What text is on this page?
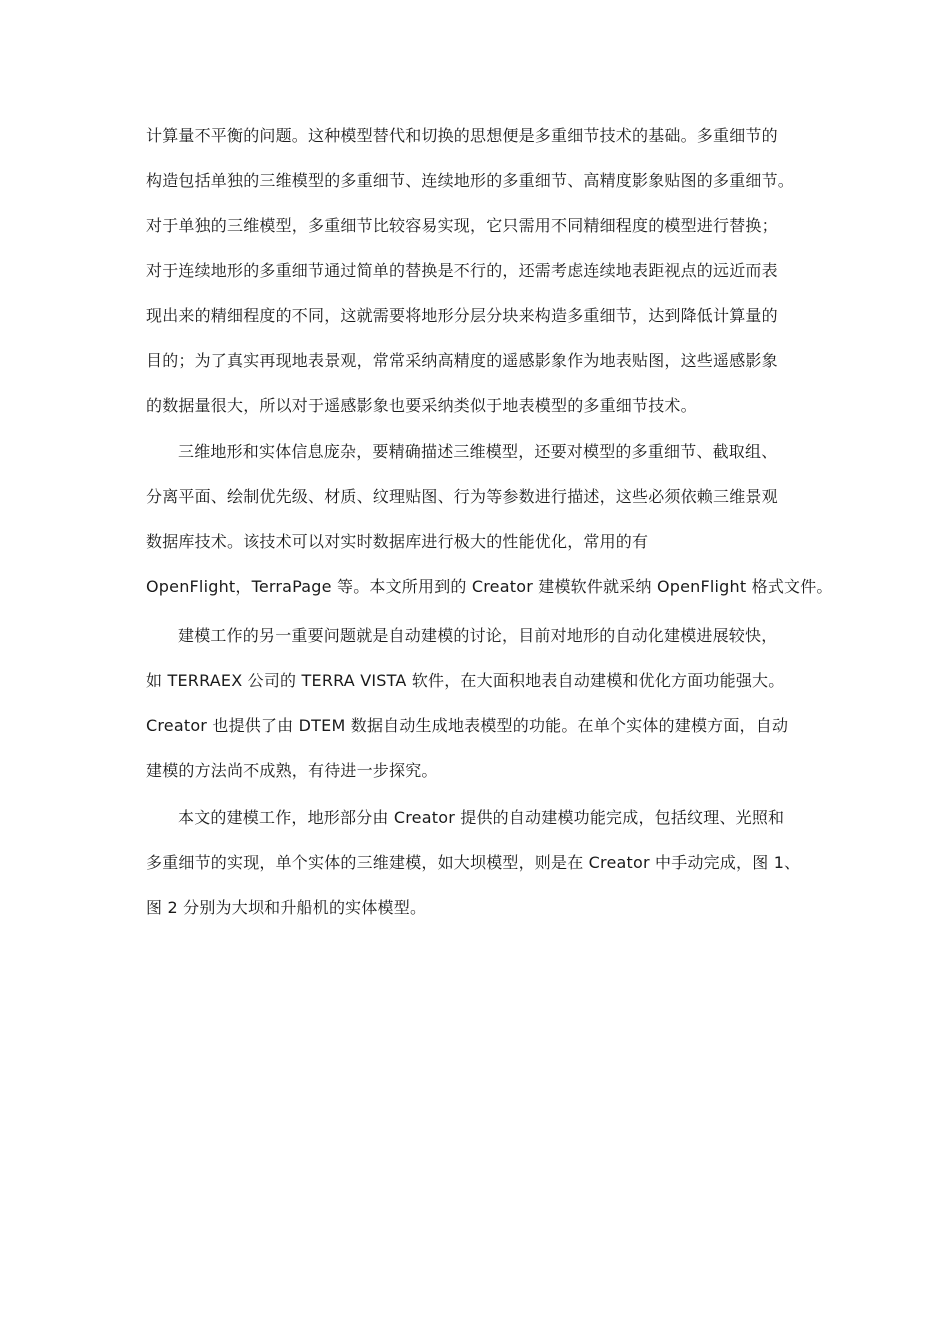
计算量不平衡的问题。这种模型替代和切换的思想便是多重细节技术的基础。多重细节的
构造包括单独的三维模型的多重细节、连续地形的多重细节、高精度影象贴图的多重细节。
对于单独的三维模型，多重细节比较容易实现，它只需用不同精细程度的模型进行替换；
对于连续地形的多重细节通过简单的替换是不行的，还需考虑连续地表距视点的远近而表
现出来的精细程度的不同，这就需要将地形分层分块来构造多重细节，达到降低计算量的
目的；为了真实再现地表景观，常常采纳高精度的遥感影象作为地表贴图，这些遥感影象
的数据量很大，所以对于遥感影象也要采纳类似于地表模型的多重细节技术。
三维地形和实体信息庞杂，要精确描述三维模型，还要对模型的多重细节、截取组、
分离平面、绘制优先级、材质、纹理贴图、行为等参数进行描述，这些必须依赖三维景观
数据库技术。该技术可以对实时数据库进行极大的性能优化，常用的有
OpenFlight，TerraPage 等。本文所用到的 Creator 建模软件就采纳 OpenFlight 格式文件。
建模工作的另一重要问题就是自动建模的讨论，目前对地形的自动化建模进展较快，
如 TERRAEX 公司的 TERRA VISTA 软件，在大面积地表自动建模和优化方面功能强大。
Creator 也提供了由 DTEM 数据自动生成地表模型的功能。在单个实体的建模方面，自动
建模的方法尚不成熟，有待进一步探究。
本文的建模工作，地形部分由 Creator 提供的自动建模功能完成，包括纹理、光照和
多重细节的实现，单个实体的三维建模，如大坝模型，则是在 Creator 中手动完成，图 1、
图 2 分别为大坝和升船机的实体模型。
